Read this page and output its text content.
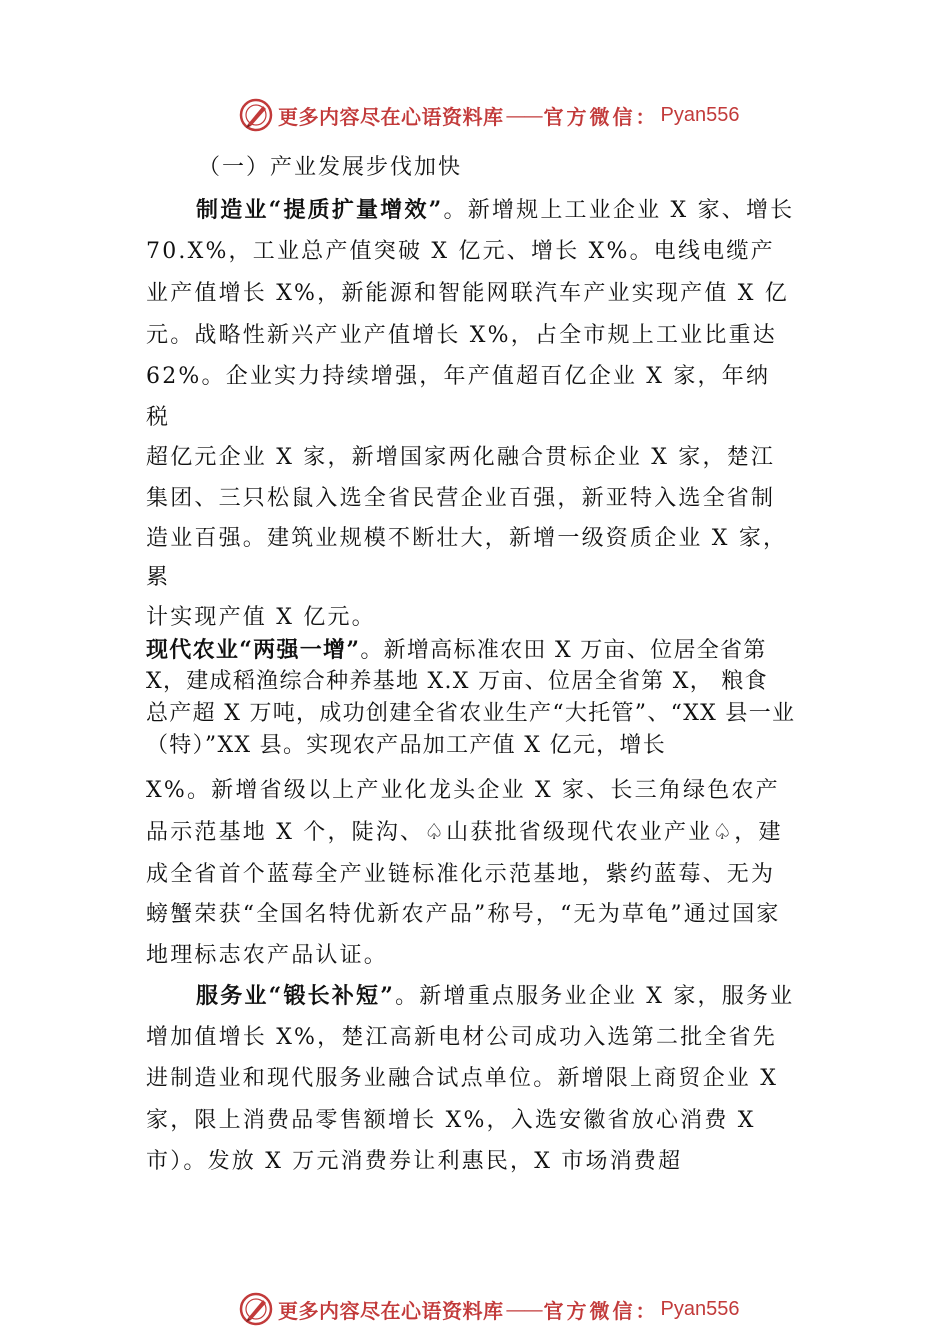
更多内容尽在心语资料库 —— 官方微信： Pyan556
（一）产业发展步伐加快
制造业“提质扩量增效”。新增规上工业企业 X 家、增长
70.X%，工业总产值突破 X 亿元、增长 X%。电线电缆产
业产值增长 X%，新能源和智能网联汽车产业实现产值 X 亿
元。战略性新兴产业产值增长 X%，占全市规上工业比重达
62%。企业实力持续增强，年产值超百亿企业 X 家，年纳
税
超亿元企业 X 家，新增国家两化融合贯标企业 X 家，楚江
集团、三只松鼠入选全省民营企业百强，新亚特入选全省制
造业百强。建筑业规模不断壮大，新增一级资质企业 X 家，
累
计实现产值 X 亿元。
现代农业“两强一增”。新增高标准农田 X 万亩、位居全省第
X，建成稻渔综合种养基地 X.X 万亩、位居全省第 X， 粮食
总产超 X 万吨，成功创建全省农业生产“大托管”、“XX 县一业
（特）”XX 县。实现农产品加工产值 X 亿元，增长
X%。新增省级以上产业化龙头企业 X 家、长三角绿色农产
品示范基地 X 个，陡沟、♤山获批省级现代农业产业♤，建
成全省首个蓝莓全产业链标准化示范基地，紫约蓝莓、无为
螃蟹荣获“全国名特优新农产品”称号，“无为草龟”通过国家
地理标志农产品认证。
服务业“锻长补短”。新增重点服务业企业 X 家，服务业
增加值增长 X%，楚江高新电材公司成功入选第二批全省先
进制造业和现代服务业融合试点单位。新增限上商贸企业 X
家，限上消费品零售额增长 X%，入选安徽省放心消费 X
市）。发放 X 万元消费券让利惠民，X 市场消费超
更多内容尽在心语资料库 —— 官方微信： Pyan556
